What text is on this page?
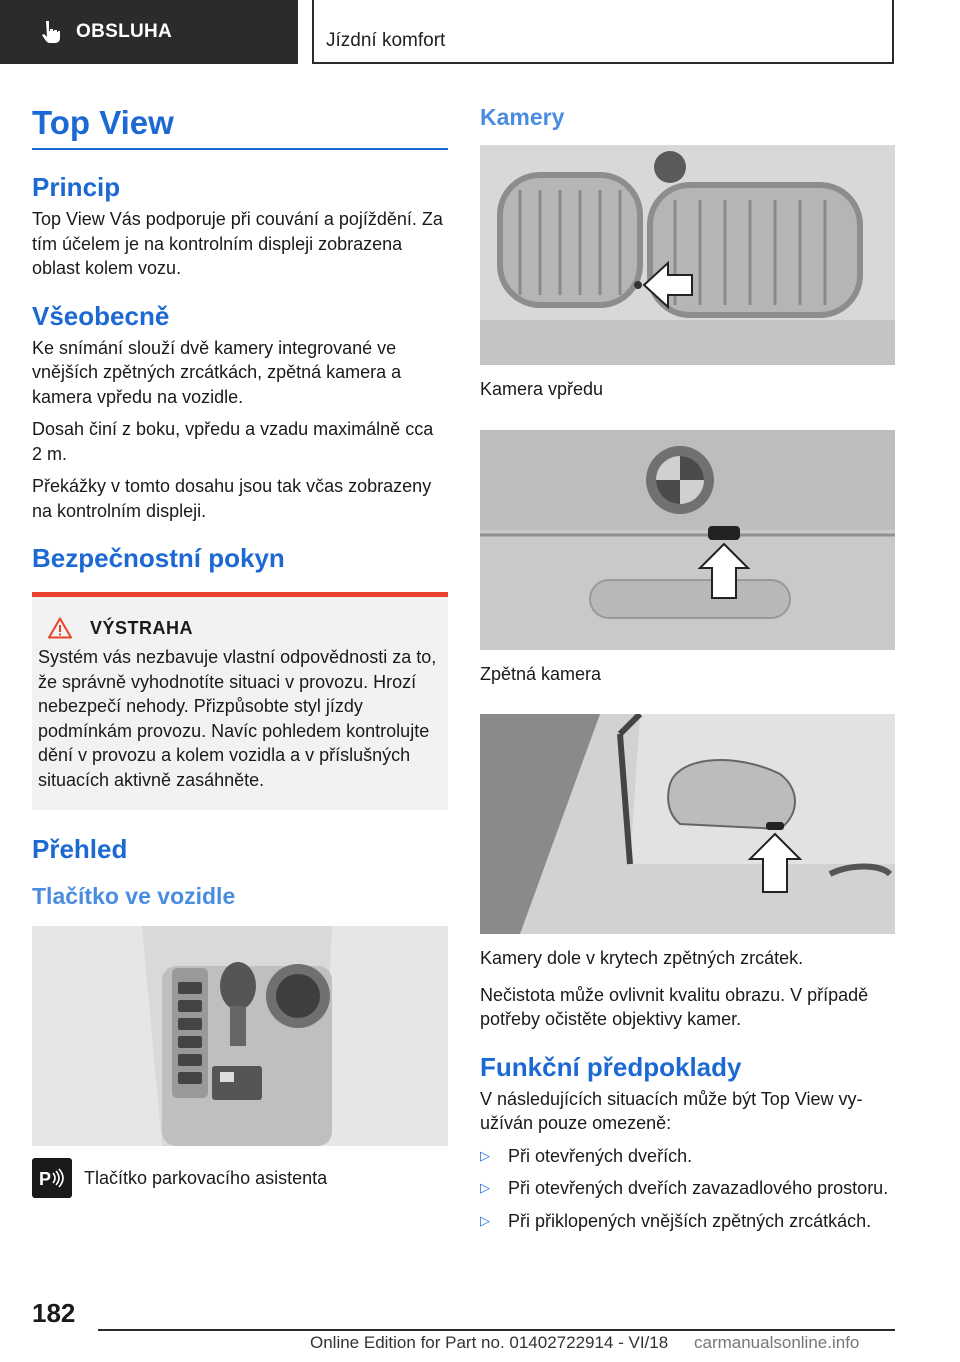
OBSLUHA	Jízdní komfort
Top View
Princip

Top View Vás podporuje při couvání a pojíždění. Za tím účelem je na kontrolním displeji zobrazena oblast kolem vozu.

Všeobecně

Ke snímání slouží dvě kamery integrované ve vnějších zpětných zrcátkách, zpětná kamera a kamera vpředu na vozidle.

Dosah činí z boku, vpředu a vzadu maximálně cca 2 m.

Překážky v tomto dosahu jsou tak včas zobrazeny na kontrolním displeji.

Bezpečnostní pokyn
VÝSTRAHA

Systém vás nezbavuje vlastní odpovědnosti za to, že správně vyhodnotíte situaci v provozu. Hrozí nebezpečí nehody. Přizpůsobte styl jízdy podmínkám provozu. Navíc pohledem kontrolujte dění v provozu a kolem vozidla a v příslušných situacích aktivně zasáhněte.

Přehled
Tlačítko ve vozidle
P Tlačítko parkovacího asistenta
Kamery

Kamera vpředu

Zpětná kamera

Kamery dole v krytech zpětných zrcátek.

Nečistota může ovlivnit kvalitu obrazu. V případě potřeby očistěte objektivy kamer.

Funkční předpoklady

V následujících situacích může být Top View využíván pouze omezeně:

▷	Při otevřených dveřích.
▷	Při otevřených dveřích zavazadlového prostoru.
▷	Při přiklopených vnějších zpětných zrcátkách.
182
Online Edition for Part no. 01402722914 - VI/18 carmanualsonline.info
